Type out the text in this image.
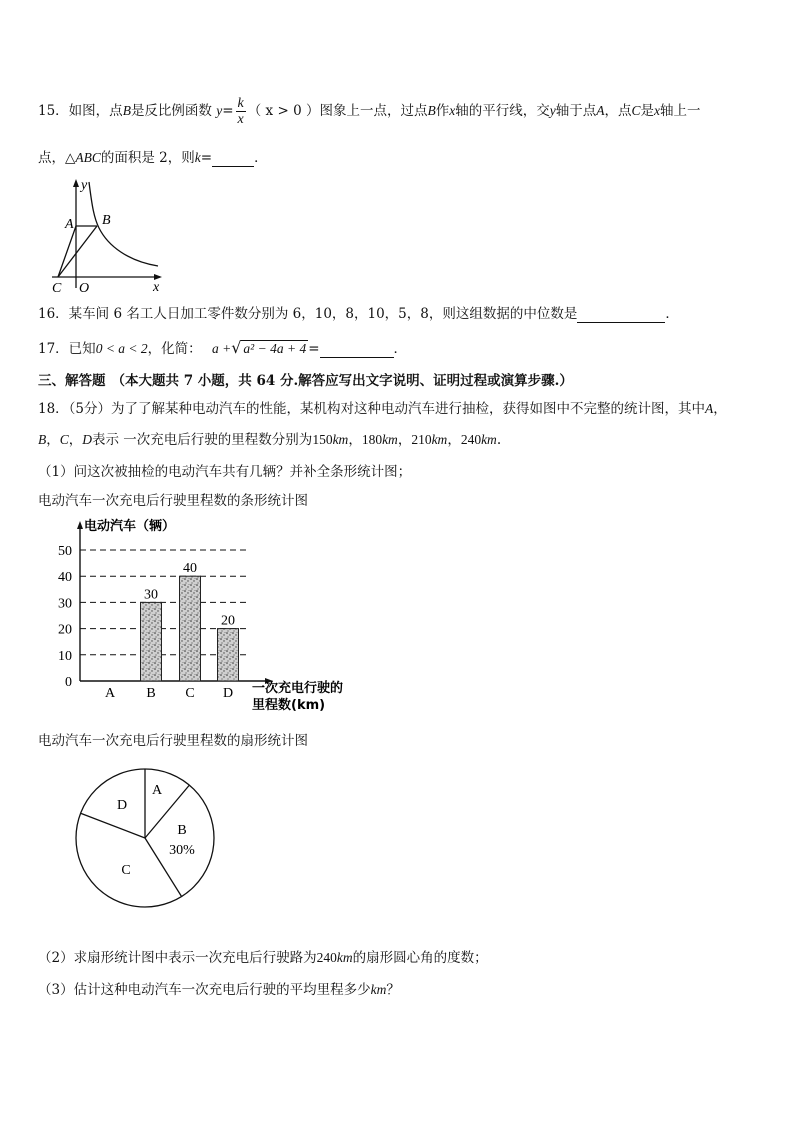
15．如图，点B是反比例函数 $y= \frac{k}{x}$ （ x > 0 ）图象上一点，过点B作x轴的平行线，交y轴于点A，点C是x轴上一
点，△ABC的面积是 2，则k=	．
y
A B
C O	x
16．某车间 6 名工人日加工零件数分别为 6，10，8，10，5，8，则这组数据的中位数是	．
17．已知0 < a < 2，化简： a +√ a² − 4a + 4 =	．
三、解答题 （本大题共 7 小题，共 64 分.解答应写出文字说明、证明过程或演算步骤.）
18．（5分）为了了解某种电动汽车的性能，某机构对这种电动汽车进行抽检，获得如图中不完整的统计图，其中A，
B，C，D表示 一次充电后行驶的里程数分别为150km，180km，210km，240km.
（1）问这次被抽检的电动汽车共有几辆？并补全条形统计图；
电动汽车一次充电后行驶里程数的条形统计图
电动汽车（辆）
0
10
20
30
40
50
A B
30
C
40
D
20
一次充电行驶的
里程数(km)
电动汽车一次充电后行驶里程数的扇形统计图
A
B
30%
C
D
（2）求扇形统计图中表示一次充电后行驶路为240km的扇形圆心角的度数；
（3）估计这种电动汽车一次充电后行驶的平均里程多少km？
